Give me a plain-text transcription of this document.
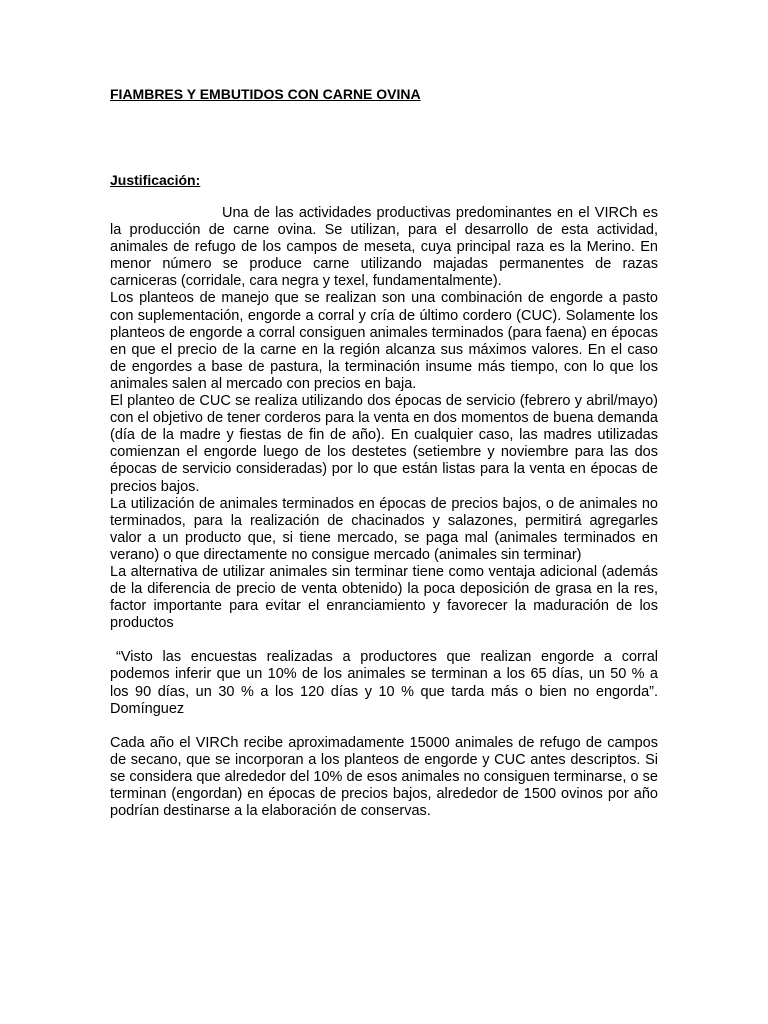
FIAMBRES Y EMBUTIDOS CON CARNE OVINA
Justificación:

Una de las actividades productivas predominantes en el VIRCh es la producción de carne ovina. Se utilizan, para el desarrollo de esta actividad, animales de refugo de los campos de meseta, cuya principal raza es la Merino. En menor número se produce carne utilizando majadas permanentes de razas carniceras (corridale, cara negra y texel, fundamentalmente).

Los planteos de manejo que se realizan son una combinación de engorde a pasto con suplementación, engorde a corral y cría de último cordero (CUC). Solamente los planteos de engorde a corral consiguen animales terminados (para faena) en épocas en que el precio de la carne en la región alcanza sus máximos valores. En el caso de engordes a base de pastura, la terminación insume más tiempo, con lo que los animales salen al mercado con precios en baja.

El planteo de CUC se realiza utilizando dos épocas de servicio (febrero y abril/mayo) con el objetivo de tener corderos para la venta en dos momentos de buena demanda (día de la madre y fiestas de fin de año). En cualquier caso, las madres utilizadas comienzan el engorde luego de los destetes (setiembre y noviembre para las dos épocas de servicio consideradas) por lo que están listas para la venta en épocas de precios bajos.

La utilización de animales terminados en épocas de precios bajos, o de animales no terminados, para la realización de chacinados y salazones, permitirá agregarles valor a un producto que, si tiene mercado, se paga mal (animales terminados en verano) o que directamente no consigue mercado (animales sin terminar)

La alternativa de utilizar animales sin terminar tiene como ventaja adicional (además de la diferencia de precio de venta obtenido) la poca deposición de grasa en la res, factor importante para evitar el enranciamiento y favorecer la maduración de los productos

“Visto las encuestas realizadas a productores que realizan engorde a corral podemos inferir que un 10% de los animales se terminan a los 65 días, un 50 % a los 90 días, un 30 % a los 120 días y 10 % que tarda más o bien no engorda”. Domínguez

Cada año el VIRCh recibe aproximadamente 15000 animales de refugo de campos de secano, que se incorporan a los planteos de engorde y CUC antes descriptos. Si se considera que alrededor del 10% de esos animales no consiguen terminarse, o se terminan (engordan) en épocas de precios bajos, alrededor de 1500 ovinos por año podrían destinarse a la elaboración de conservas.
